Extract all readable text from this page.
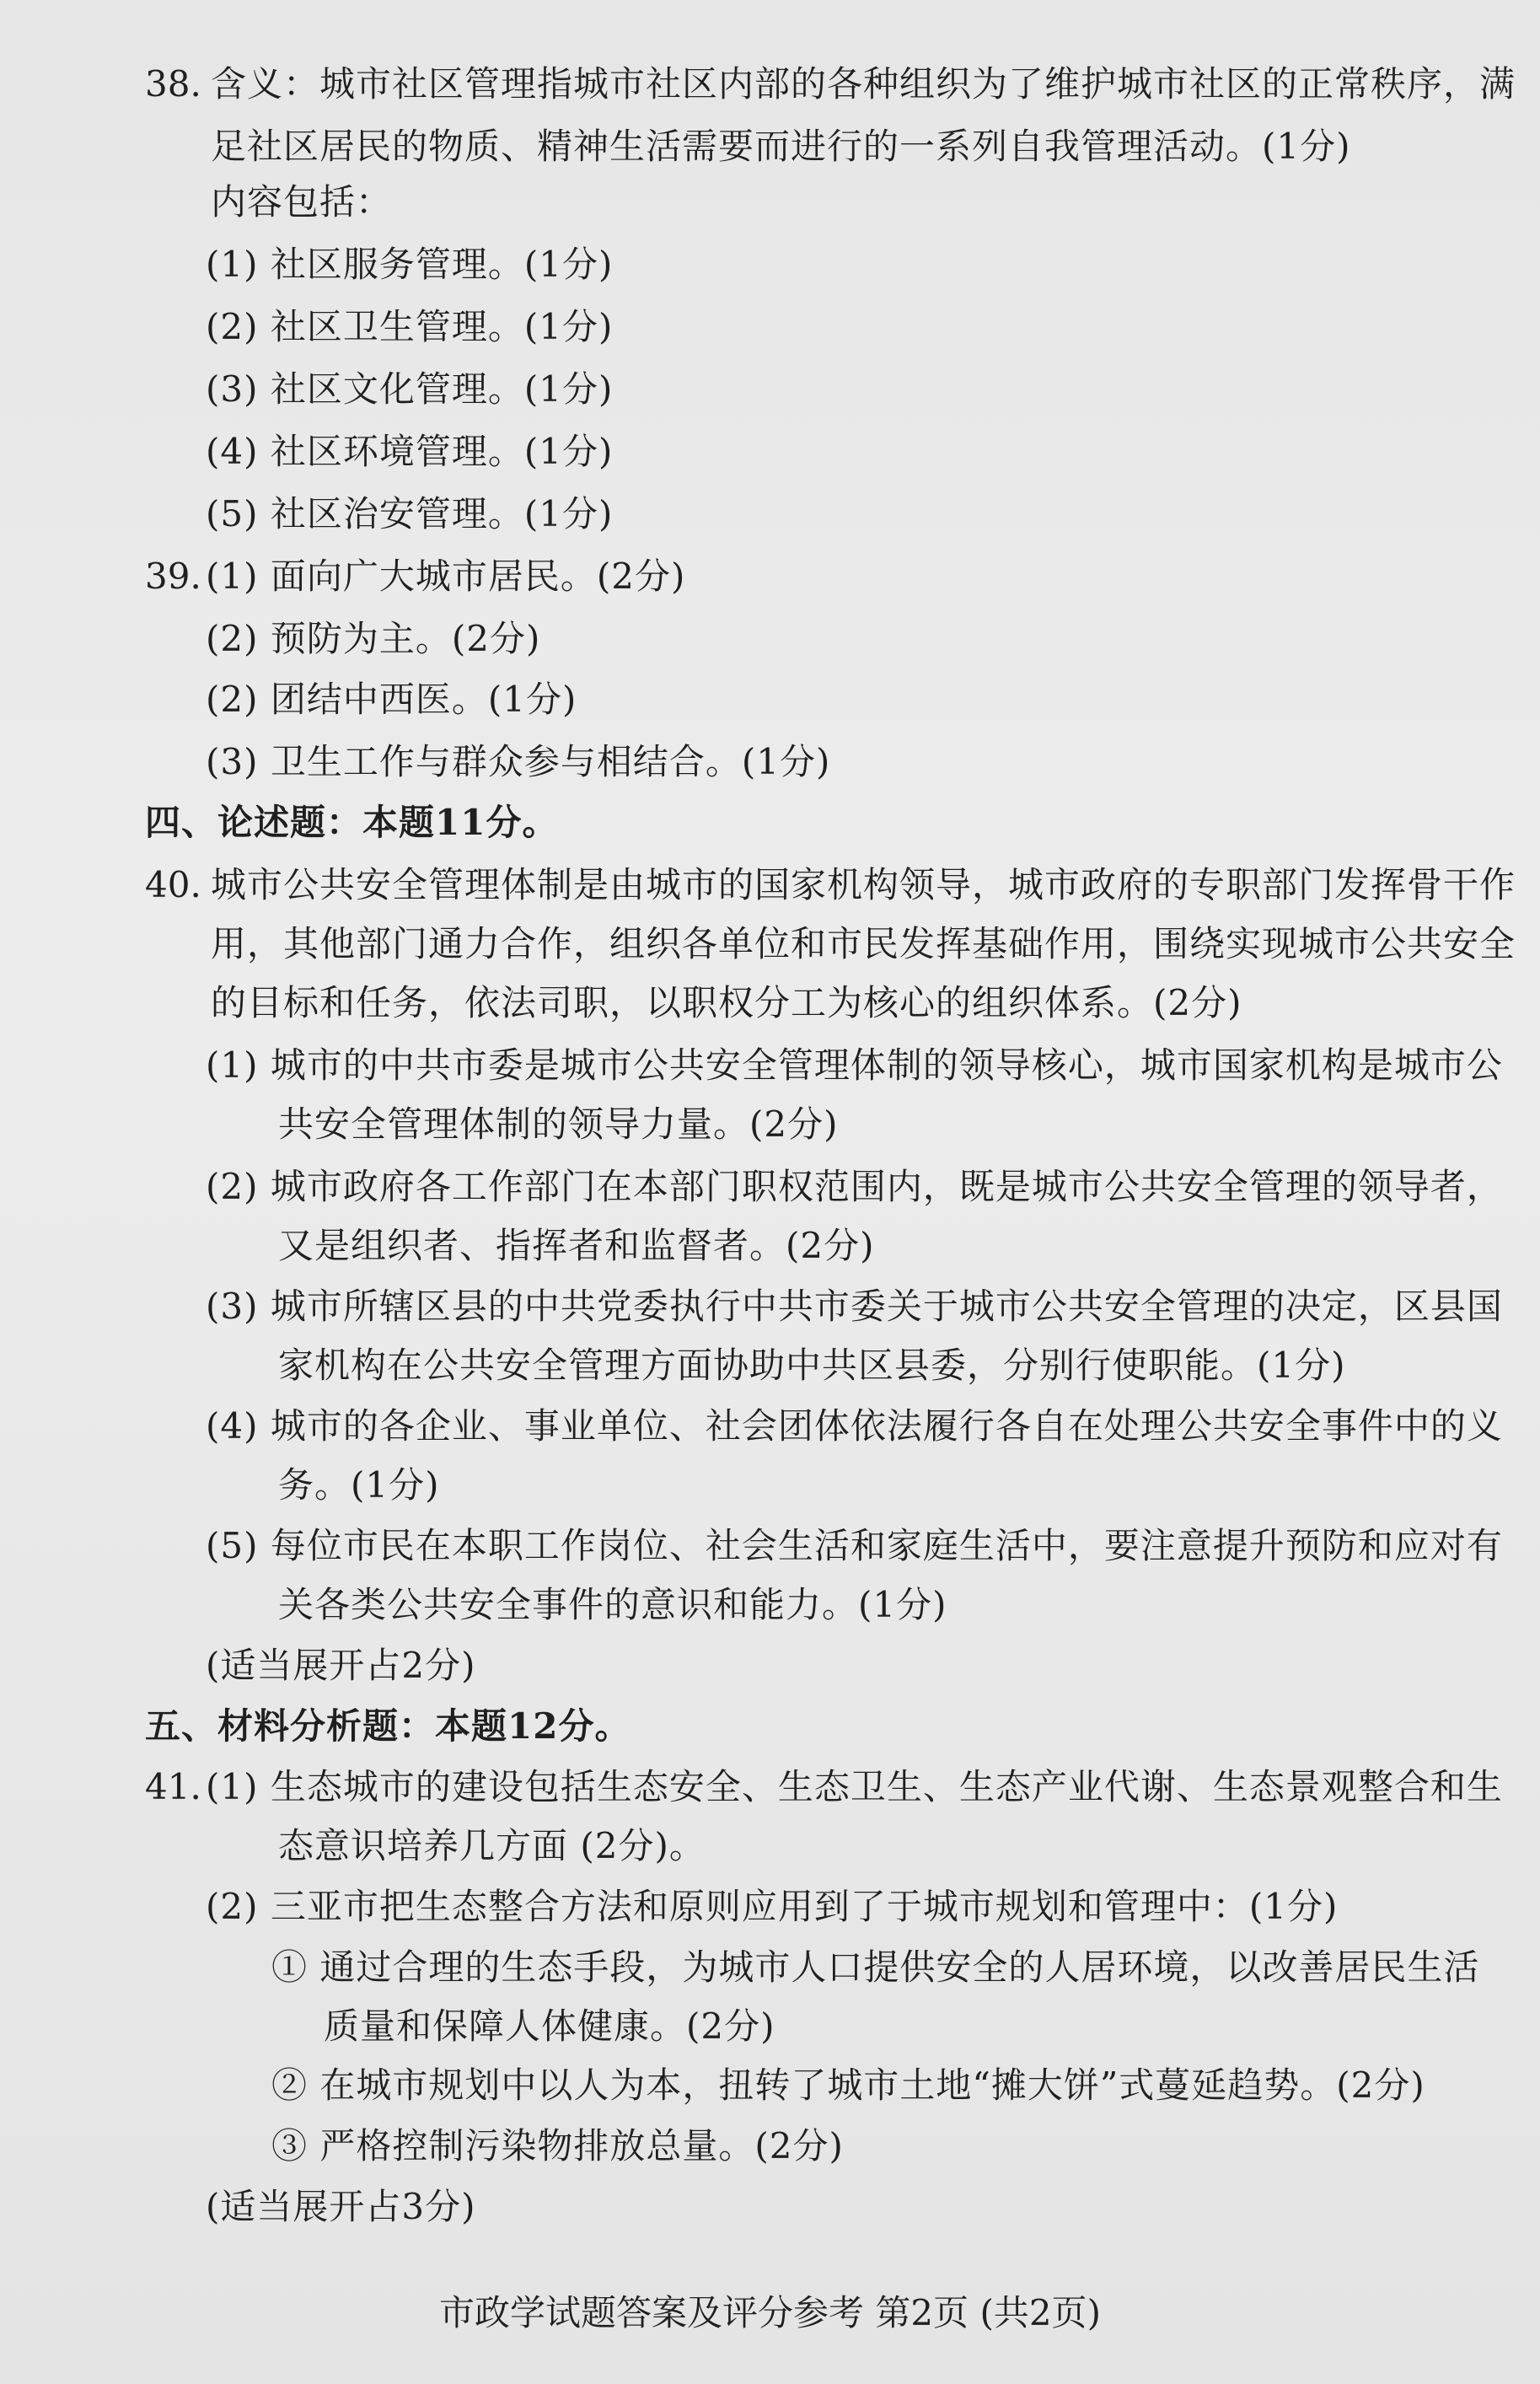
38. 含义：城市社区管理指城市社区内部的各种组织为了维护城市社区的正常秩序，满
足社区居民的物质、精神生活需要而进行的一系列自我管理活动。(1分)
内容包括：
(1) 社区服务管理。(1分)
(2) 社区卫生管理。(1分)
(3) 社区文化管理。(1分)
(4) 社区环境管理。(1分)
(5) 社区治安管理。(1分)
39. (1) 面向广大城市居民。(2分)
(2) 预防为主。(2分)
(2) 团结中西医。(1分)
(3) 卫生工作与群众参与相结合。(1分)
四、论述题：本题11分。
40. 城市公共安全管理体制是由城市的国家机构领导，城市政府的专职部门发挥骨干作
用，其他部门通力合作，组织各单位和市民发挥基础作用，围绕实现城市公共安全
的目标和任务，依法司职，以职权分工为核心的组织体系。(2分)
(1) 城市的中共市委是城市公共安全管理体制的领导核心，城市国家机构是城市公
共安全管理体制的领导力量。(2分)
(2) 城市政府各工作部门在本部门职权范围内，既是城市公共安全管理的领导者，
又是组织者、指挥者和监督者。(2分)
(3) 城市所辖区县的中共党委执行中共市委关于城市公共安全管理的决定，区县国
家机构在公共安全管理方面协助中共区县委，分别行使职能。(1分)
(4) 城市的各企业、事业单位、社会团体依法履行各自在处理公共安全事件中的义
务。(1分)
(5) 每位市民在本职工作岗位、社会生活和家庭生活中，要注意提升预防和应对有
关各类公共安全事件的意识和能力。(1分)
(适当展开占2分)
五、材料分析题：本题12分。
41. (1) 生态城市的建设包括生态安全、生态卫生、生态产业代谢、生态景观整合和生
态意识培养几方面 (2分)。
(2) 三亚市把生态整合方法和原则应用到了于城市规划和管理中：(1分)
① 通过合理的生态手段，为城市人口提供安全的人居环境，以改善居民生活
质量和保障人体健康。(2分)
② 在城市规划中以人为本，扭转了城市土地“摊大饼”式蔓延趋势。(2分)
③ 严格控制污染物排放总量。(2分)
(适当展开占3分)
市政学试题答案及评分参考 第2页 (共2页)
